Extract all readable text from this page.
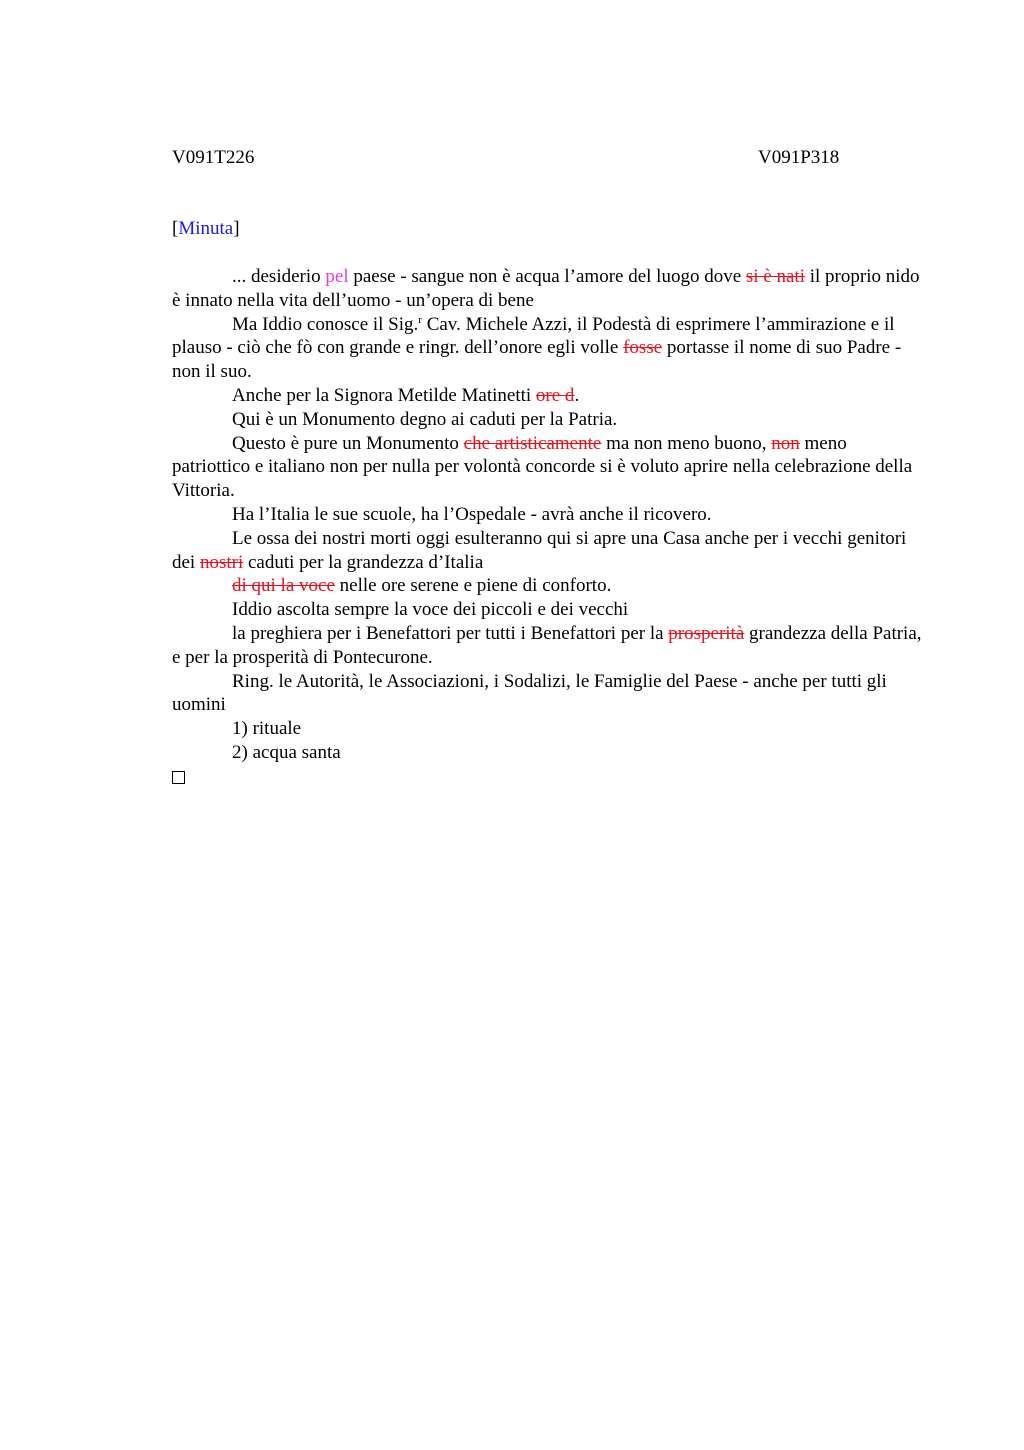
V091T226	V091P318
[Minuta]

... desiderio pel paese - sangue non è acqua l’amore del luogo dove si è nati il proprio nido è innato nella vita dell’uomo - un’opera di bene

Ma Iddio conosce il Sig.$^r$ Cav. Michele Azzi, il Podestà di esprimere l’ammirazione e il plauso - ciò che fò con grande e ringr. dell’onore egli volle fosse portasse il nome di suo Padre - non il suo.

Anche per la Signora Metilde Matinetti ore d.

Qui è un Monumento degno ai caduti per la Patria.

Questo è pure un Monumento che artisticamente ma non meno buono, non meno patriottico e italiano non per nulla per volontà concorde si è voluto aprire nella celebrazione della Vittoria.

Ha l’Italia le sue scuole, ha l’Ospedale - avrà anche il ricovero.

Le ossa dei nostri morti oggi esulteranno qui si apre una Casa anche per i vecchi genitori dei nostri caduti per la grandezza d’Italia

di qui la voce nelle ore serene e piene di conforto.

Iddio ascolta sempre la voce dei piccoli e dei vecchi

la preghiera per i Benefattori per tutti i Benefattori per la prosperità grandezza della Patria, e per la prosperità di Pontecurone.

Ring. le Autorità, le Associazioni, i Sodalizi, le Famiglie del Paese - anche per tutti gli uomini

1) rituale

2) acqua santa
